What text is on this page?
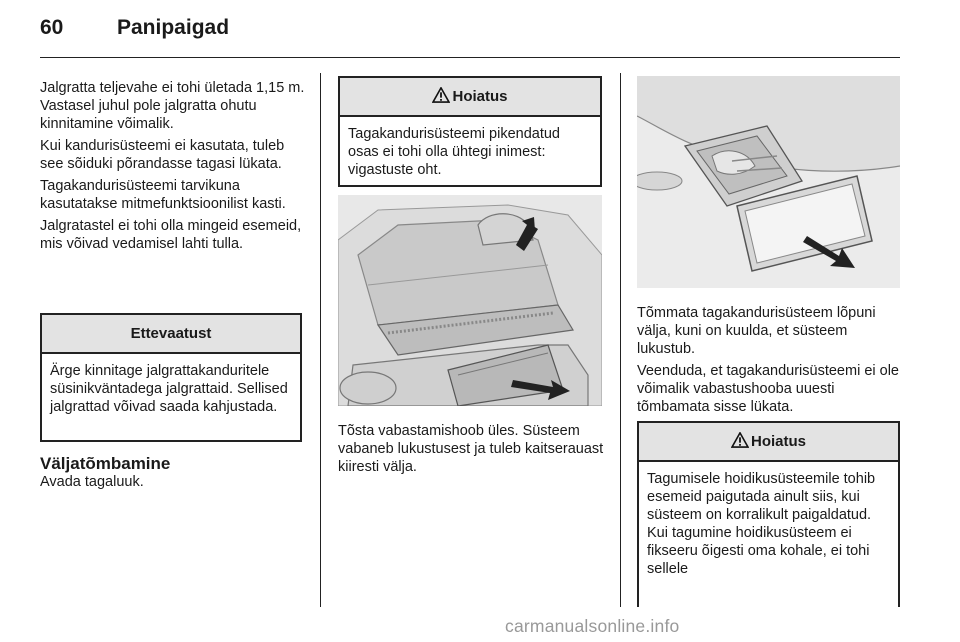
60	Panipaigad

Jalgratta teljevahe ei tohi ületada 1,15 m. Vastasel juhul pole jalgratta ohutu kinnitamine võimalik.

Kui kandurisüsteemi ei kasutata, tuleb see sõiduki põrandasse tagasi lükata.

Tagakandurisüsteemi tarvikuna kasutatakse mitmefunktsioonilist kasti.

Jalgratastel ei tohi olla mingeid esemeid, mis võivad vedamisel lahti tulla.

Ettevaatust
Ärge kinnitage jalgrattakanduritele süsinikväntadega jalgrattaid. Sellised jalgrattad võivad saada kahjustada.
Väljatõmbamine
Avada tagaluuk.
Hoiatus
Tagakandurisüsteemi pikendatud osas ei tohi olla ühtegi inimest: vigastuste oht.
Tõsta vabastamishoob üles. Süsteem vabaneb lukustusest ja tuleb kaitserauast kiiresti välja.

Tõmmata tagakandurisüsteem lõpuni välja, kuni on kuulda, et süsteem lukustub.

Veenduda, et tagakandurisüsteemi ei ole võimalik vabastushooba uuesti tõmbamata sisse lükata.

Hoiatus
Tagumisele hoidikusüsteemile tohib esemeid paigutada ainult siis, kui süsteem on korralikult paigaldatud. Kui tagumine hoidikusüsteem ei fikseeru õigesti oma kohale, ei tohi sellele
carmanualsonline.info
